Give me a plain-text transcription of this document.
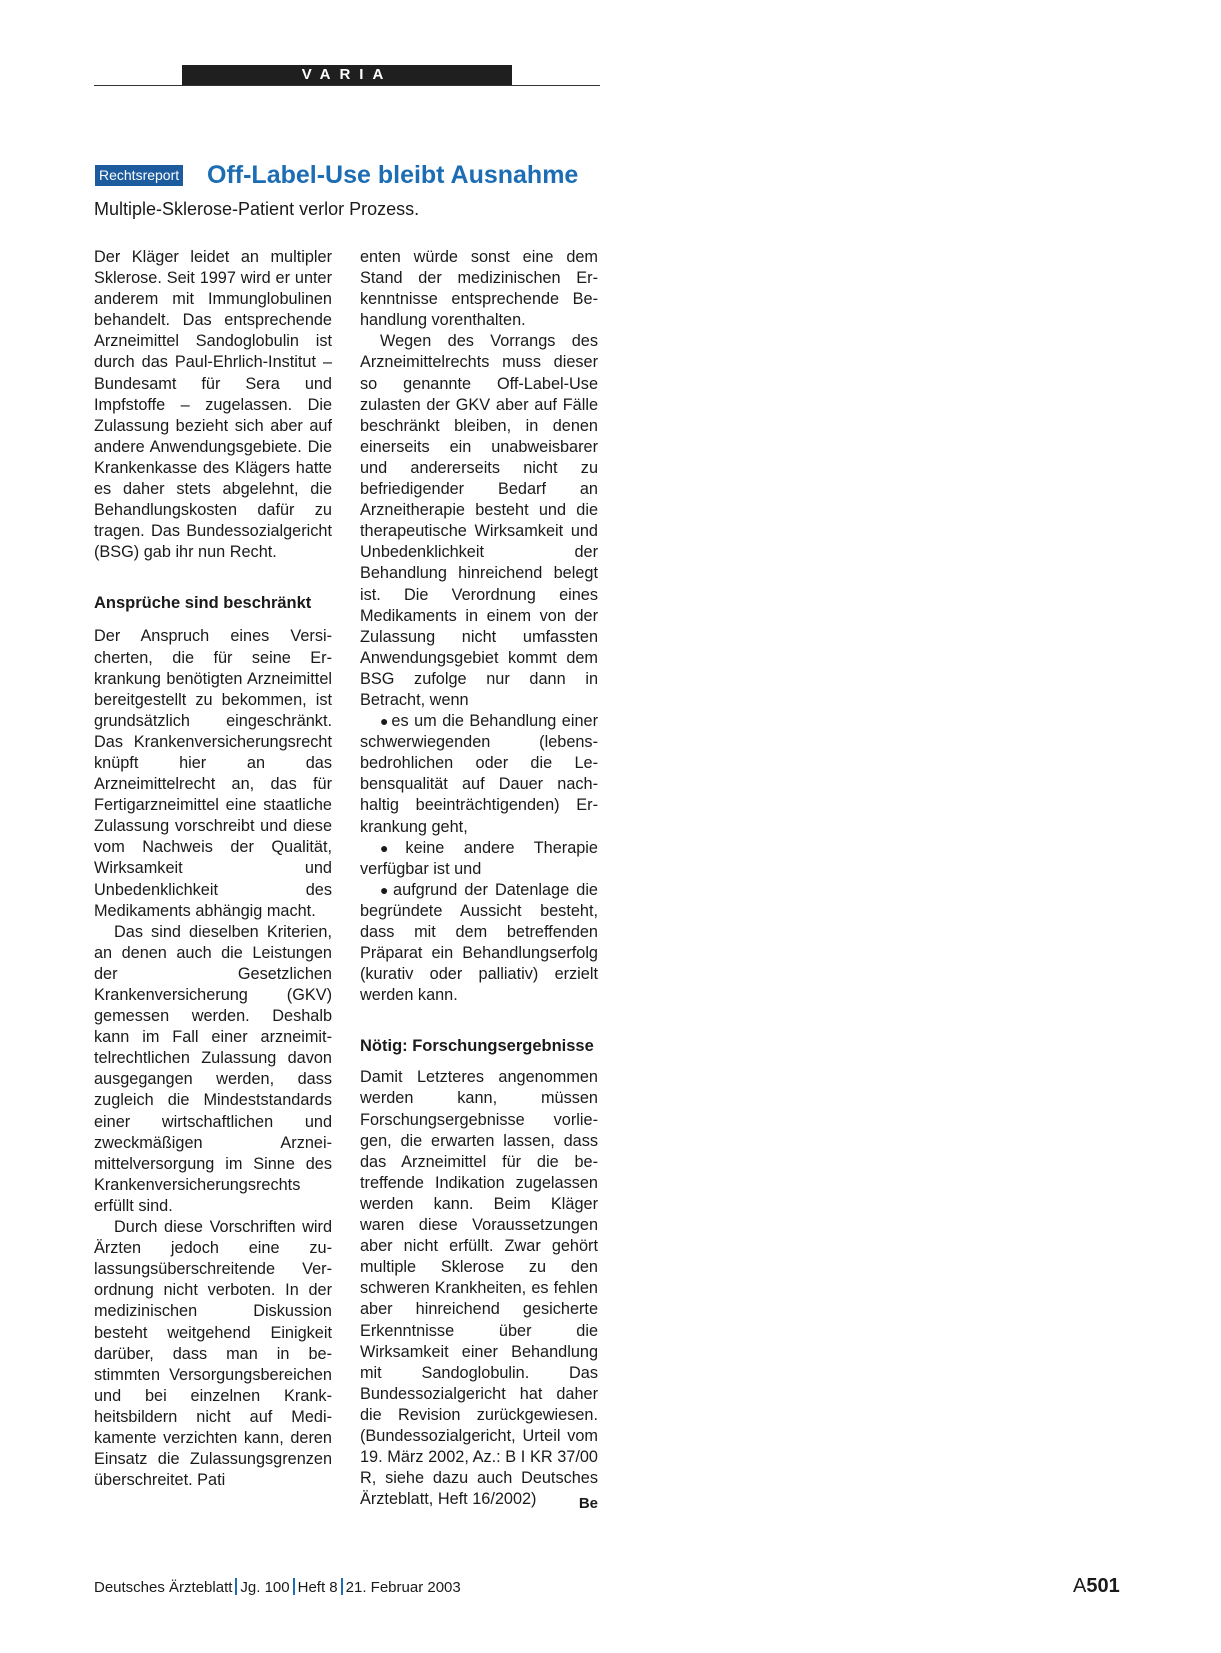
VARIA
Rechtsreport Off-Label-Use bleibt Ausnahme

Multiple-Sklerose-Patient verlor Prozess.

Der Kläger leidet an multipler Sklerose. Seit 1997 wird er unter anderem mit Immunglobulinen behandelt. Das entsprechende Arzneimittel Sandoglobulin ist durch das Paul-Ehrlich-Institut – Bundesamt für Sera und Impfstoffe – zugelassen. Die Zulassung bezieht sich aber auf andere Anwendungsgebiete. Die Krankenkasse des Klägers hatte es daher stets abgelehnt, die Behandlungskosten dafür zu tragen. Das Bundessozialgericht (BSG) gab ihr nun Recht.

Ansprüche sind beschränkt

Der Anspruch eines Versicherten, die für seine Erkrankung benötigten Arzneimittel bereitgestellt zu bekommen, ist grundsätzlich eingeschränkt. Das Krankenversicherungsrecht knüpft hier an das Arzneimittelrecht an, das für Fertigarzneimittel eine staatliche Zulassung vorschreibt und diese vom Nachweis der Qualität, Wirksamkeit und Unbedenklichkeit des Medikaments abhängig macht.

Das sind dieselben Kriterien, an denen auch die Leistungen der Gesetzlichen Krankenversicherung (GKV) gemessen werden. Deshalb kann im Fall einer arzneimittelrechtlichen Zulassung davon ausgegangen werden, dass zugleich die Mindeststandards einer wirtschaftlichen und zweckmäßigen Arzneimittelversorgung im Sinne des Krankenversicherungsrechts erfüllt sind.

Durch diese Vorschriften wird Ärzten jedoch eine zulassungsüberschreitende Verordnung nicht verboten. In der medizinischen Diskussion besteht weitgehend Einigkeit darüber, dass man in bestimmten Versorgungsbereichen und bei einzelnen Krankheitsbildern nicht auf Medikamente verzichten kann, deren Einsatz die Zulassungsgrenzen überschreitet. Pati

enten würde sonst eine dem Stand der medizinischen Erkenntnisse entsprechende Behandlung vorenthalten.

Wegen des Vorrangs des Arzneimittelrechts muss dieser so genannte Off-Label-Use zulasten der GKV aber auf Fälle beschränkt bleiben, in denen einerseits ein unabweisbarer und andererseits nicht zu befriedigender Bedarf an Arzneitherapie besteht und die therapeutische Wirksamkeit und Unbedenklichkeit der Behandlung hinreichend belegt ist. Die Verordnung eines Medikaments in einem von der Zulassung nicht umfassten Anwendungsgebiet kommt dem BSG zufolge nur dann in Betracht, wenn

● es um die Behandlung einer schwerwiegenden (lebensbedrohlichen oder die Lebensqualität auf Dauer nachhaltig beeinträchtigenden) Erkrankung geht,

● keine andere Therapie verfügbar ist und

● aufgrund der Datenlage die begründete Aussicht besteht, dass mit dem betreffenden Präparat ein Behandlungserfolg (kurativ oder palliativ) erzielt werden kann.

Nötig: Forschungsergebnisse

Damit Letzteres angenommen werden kann, müssen Forschungsergebnisse vorliegen, die erwarten lassen, dass das Arzneimittel für die betreffende Indikation zugelassen werden kann. Beim Kläger waren diese Voraussetzungen aber nicht erfüllt. Zwar gehört multiple Sklerose zu den schweren Krankheiten, es fehlen aber hinreichend gesicherte Erkenntnisse über die Wirksamkeit einer Behandlung mit Sandoglobulin. Das Bundessozialgericht hat daher die Revision zurückgewiesen. (Bundessozialgericht, Urteil vom 19. März 2002, Az.: B I KR 37/00 R, siehe dazu auch Deutsches Ärzteblatt, Heft 16/2002)	Be

Deutsches Ärzteblatt Jg. 100 Heft 8 21. Februar 2003	A501
